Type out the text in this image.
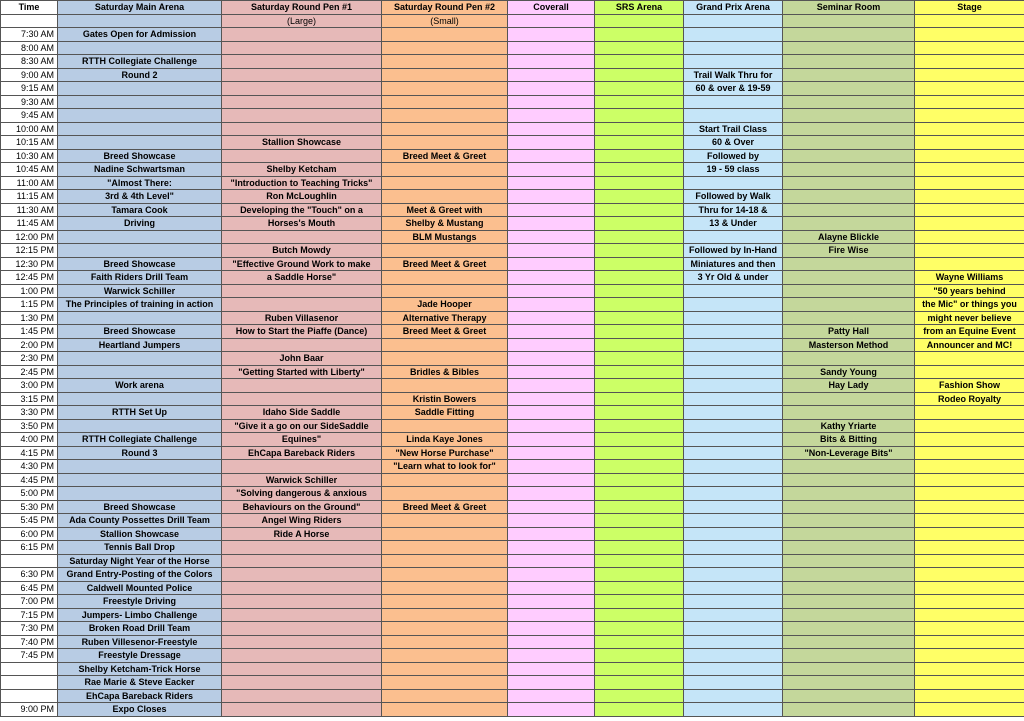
Time	Saturday Main Arena	Saturday Round Pen #1	Saturday Round Pen #2	Coverall	SRS Arena	Grand Prix Arena	Seminar Room	Stage
		(Large)	(Small)					
7:30 AM	Gates Open for Admission							
8:00 AM								
8:30 AM	RTTH Collegiate Challenge							
9:00 AM	Round 2					Trail Walk Thru for		
9:15 AM						60 & over & 19-59		
9:30 AM								
9:45 AM								
10:00 AM						Start Trail Class		
10:15 AM		Stallion Showcase				60 & Over		
10:30 AM	Breed Showcase		Breed Meet & Greet			Followed by		
10:45 AM	Nadine Schwartsman	Shelby Ketcham				19 - 59 class		
11:00 AM	"Almost There:	"Introduction to Teaching Tricks"						
11:15 AM	3rd & 4th Level"	Ron McLoughlin				Followed by Walk		
11:30 AM	Tamara Cook	Developing the "Touch" on a	Meet & Greet with			Thru for 14-18 &		
11:45 AM	Driving	Horses's Mouth	Shelby & Mustang			13 & Under		
12:00 PM			BLM Mustangs				Alayne Blickle	
12:15 PM		Butch Mowdy				Followed by In-Hand	Fire Wise	
12:30 PM	Breed Showcase	"Effective Ground Work to make	Breed Meet & Greet			Miniatures and then		
12:45 PM	Faith Riders Drill Team	a Saddle Horse"				3 Yr Old & under		Wayne Williams
1:00 PM	Warwick Schiller							"50 years behind
1:15 PM	The Principles of training in action		Jade Hooper					the Mic" or things you
1:30 PM		Ruben Villasenor	Alternative Therapy					might never believe
1:45 PM	Breed Showcase	How to Start the Piaffe (Dance)	Breed Meet & Greet				Patty Hall	from an Equine Event
2:00 PM	Heartland Jumpers						Masterson Method	Announcer and MC!
2:30 PM		John Baar						
2:45 PM		"Getting Started with Liberty"	Bridles & Bibles				Sandy Young	
3:00 PM	Work arena						Hay Lady	Fashion Show
3:15 PM			Kristin Bowers					Rodeo Royalty
3:30 PM	RTTH Set Up	Idaho Side Saddle	Saddle Fitting					
3:50 PM		"Give it a go on our SideSaddle					Kathy Yriarte	
4:00 PM	RTTH Collegiate Challenge	Equines"	Linda Kaye Jones				Bits & Bitting	
4:15 PM	Round 3	EhCapa Bareback Riders	"New Horse Purchase"				"Non-Leverage Bits"	
4:30 PM			"Learn what to look for"					
4:45 PM		Warwick Schiller						
5:00 PM		"Solving dangerous & anxious						
5:30 PM	Breed Showcase	Behaviours on the Ground"	Breed Meet & Greet					
5:45 PM	Ada County Possettes Drill Team	Angel Wing Riders						
6:00 PM	Stallion Showcase	Ride A Horse						
6:15 PM	Tennis Ball Drop							
	Saturday Night Year of the Horse							
6:30 PM	Grand Entry-Posting of the Colors							
6:45 PM	Caldwell Mounted Police							
7:00 PM	Freestyle Driving							
7:15 PM	Jumpers- Limbo Challenge							
7:30 PM	Broken Road Drill Team							
7:40 PM	Ruben Villesenor-Freestyle							
7:45 PM	Freestyle Dressage							
	Shelby Ketcham-Trick Horse							
	Rae Marie & Steve Eacker							
	EhCapa Bareback Riders							
9:00 PM	Expo Closes							
